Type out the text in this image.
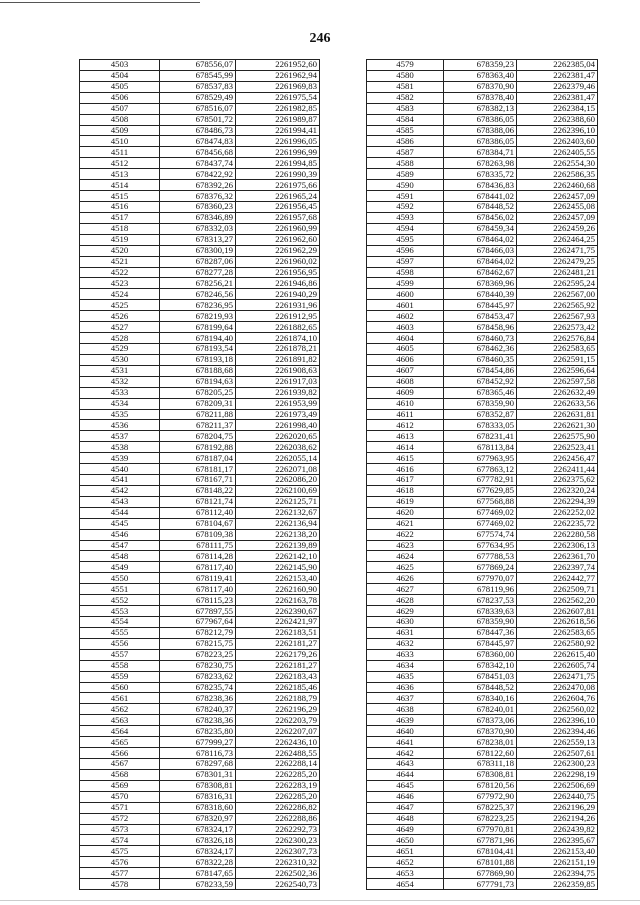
246
4503	678556,07	2261952,60
4504	678545,99	2261962,94
4505	678537,83	2261969,83
4506	678529,49	2261975,54
4507	678516,07	2261982,85
4508	678501,72	2261989,87
4509	678486,73	2261994,41
4510	678474,83	2261996,05
4511	678456,68	2261996,99
4512	678437,74	2261994,85
4513	678422,92	2261990,39
4514	678392,26	2261975,66
4515	678376,32	2261965,24
4516	678360,23	2261956,45
4517	678346,89	2261957,68
4518	678332,03	2261960,99
4519	678313,27	2261962,60
4520	678300,19	2261962,29
4521	678287,06	2261960,02
4522	678277,28	2261956,95
4523	678256,21	2261946,86
4524	678246,56	2261940,29
4525	678236,95	2261931,96
4526	678219,93	2261912,95
4527	678199,64	2261882,65
4528	678194,40	2261874,10
4529	678193,54	2261878,21
4530	678193,18	2261891,82
4531	678188,68	2261908,63
4532	678194,63	2261917,03
4533	678205,25	2261939,82
4534	678209,31	2261953,99
4535	678211,88	2261973,49
4536	678211,37	2261998,40
4537	678204,75	2262020,65
4538	678192,88	2262038,62
4539	678187,04	2262055,14
4540	678181,17	2262071,08
4541	678167,71	2262086,20
4542	678148,22	2262100,69
4543	678121,74	2262125,71
4544	678112,40	2262132,67
4545	678104,67	2262136,94
4546	678109,38	2262138,20
4547	678111,75	2262139,89
4548	678114,28	2262142,10
4549	678117,40	2262145,90
4550	678119,41	2262153,40
4551	678117,40	2262160,90
4552	678115,23	2262163,78
4553	677897,55	2262390,67
4554	677967,64	2262421,97
4555	678212,79	2262183,51
4556	678215,75	2262181,27
4557	678223,25	2262179,26
4558	678230,75	2262181,27
4559	678233,62	2262183,43
4560	678235,74	2262185,46
4561	678238,36	2262188,79
4562	678240,37	2262196,29
4563	678238,36	2262203,79
4564	678235,80	2262207,07
4565	677999,27	2262436,10
4566	678116,73	2262488,55
4567	678297,68	2262288,14
4568	678301,31	2262285,20
4569	678308,81	2262283,19
4570	678316,31	2262285,20
4571	678318,60	2262286,82
4572	678320,97	2262288,86
4573	678324,17	2262292,73
4574	678326,18	2262300,23
4575	678324,17	2262307,73
4576	678322,28	2262310,32
4577	678147,65	2262502,36
4578	678233,59	2262540,73
4579	678359,23	2262385,04
4580	678363,40	2262381,47
4581	678370,90	2262379,46
4582	678378,40	2262381,47
4583	678382,13	2262384,15
4584	678386,05	2262388,60
4585	678388,06	2262396,10
4586	678386,05	2262403,60
4587	678384,71	2262405,55
4588	678263,98	2262554,30
4589	678335,72	2262586,35
4590	678436,83	2262460,68
4591	678441,02	2262457,09
4592	678448,52	2262455,08
4593	678456,02	2262457,09
4594	678459,34	2262459,26
4595	678464,02	2262464,25
4596	678466,03	2262471,75
4597	678464,02	2262479,25
4598	678462,67	2262481,21
4599	678369,96	2262595,24
4600	678440,39	2262567,00
4601	678445,97	2262565,92
4602	678453,47	2262567,93
4603	678458,96	2262573,42
4604	678460,73	2262576,84
4605	678462,36	2262583,65
4606	678460,35	2262591,15
4607	678454,86	2262596,64
4608	678452,92	2262597,58
4609	678365,46	2262632,49
4610	678359,90	2262633,56
4611	678352,87	2262631,81
4612	678333,05	2262621,30
4613	678231,41	2262575,90
4614	678113,84	2262523,41
4615	677963,95	2262456,47
4616	677863,12	2262411,44
4617	677782,91	2262375,62
4618	677629,85	2262320,24
4619	677568,88	2262294,39
4620	677469,02	2262252,02
4621	677469,02	2262235,72
4622	677574,74	2262280,58
4623	677634,95	2262306,13
4624	677788,53	2262361,70
4625	677869,24	2262397,74
4626	677970,07	2262442,77
4627	678119,96	2262509,71
4628	678237,53	2262562,20
4629	678339,63	2262607,81
4630	678359,90	2262618,56
4631	678447,36	2262583,65
4632	678445,97	2262580,92
4633	678360,00	2262615,40
4634	678342,10	2262605,74
4635	678451,03	2262471,75
4636	678448,52	2262470,08
4637	678340,16	2262604,76
4638	678240,01	2262560,02
4639	678373,06	2262396,10
4640	678370,90	2262394,46
4641	678238,01	2262559,13
4642	678122,60	2262507,61
4643	678311,18	2262300,23
4644	678308,81	2262298,19
4645	678120,56	2262506,69
4646	677972,90	2262440,75
4647	678225,37	2262196,29
4648	678223,25	2262194,26
4649	677970,81	2262439,82
4650	677871,96	2262395,67
4651	678104,41	2262153,40
4652	678101,88	2262151,19
4653	677869,90	2262394,75
4654	677791,73	2262359,85
